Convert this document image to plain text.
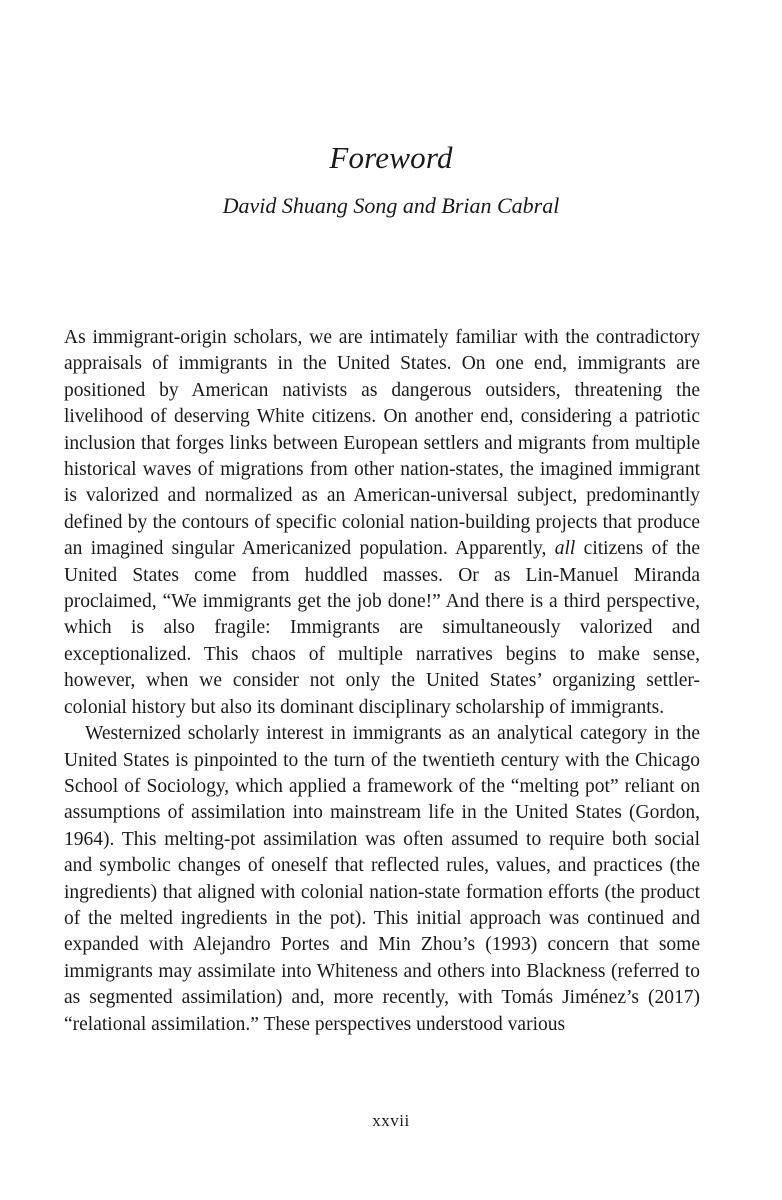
Foreword
David Shuang Song and Brian Cabral

As immigrant-origin scholars, we are intimately familiar with the contradictory appraisals of immigrants in the United States. On one end, immigrants are positioned by American nativists as dangerous outsiders, threatening the livelihood of deserving White citizens. On another end, considering a patriotic inclusion that forges links between European settlers and migrants from multiple historical waves of migrations from other nation-states, the imagined immigrant is valorized and normalized as an American-universal subject, predominantly defined by the contours of specific colonial nation-building projects that produce an imagined singular Americanized population. Apparently, all citizens of the United States come from huddled masses. Or as Lin-Manuel Miranda proclaimed, “We immigrants get the job done!” And there is a third perspective, which is also fragile: Immigrants are simultaneously valorized and exceptionalized. This chaos of multiple narratives begins to make sense, however, when we consider not only the United States’ organizing settler-colonial history but also its dominant disciplinary scholarship of immigrants.

Westernized scholarly interest in immigrants as an analytical category in the United States is pinpointed to the turn of the twentieth century with the Chicago School of Sociology, which applied a framework of the “melting pot” reliant on assumptions of assimilation into mainstream life in the United States (Gordon, 1964). This melting-pot assimilation was often assumed to require both social and symbolic changes of oneself that reflected rules, values, and practices (the ingredients) that aligned with colonial nation-state formation efforts (the product of the melted ingredients in the pot). This initial approach was continued and expanded with Alejandro Portes and Min Zhou’s (1993) concern that some immigrants may assimilate into Whiteness and others into Blackness (referred to as segmented assimilation) and, more recently, with Tomás Jiménez’s (2017) “relational assimilation.” These perspectives understood various

xxvii
